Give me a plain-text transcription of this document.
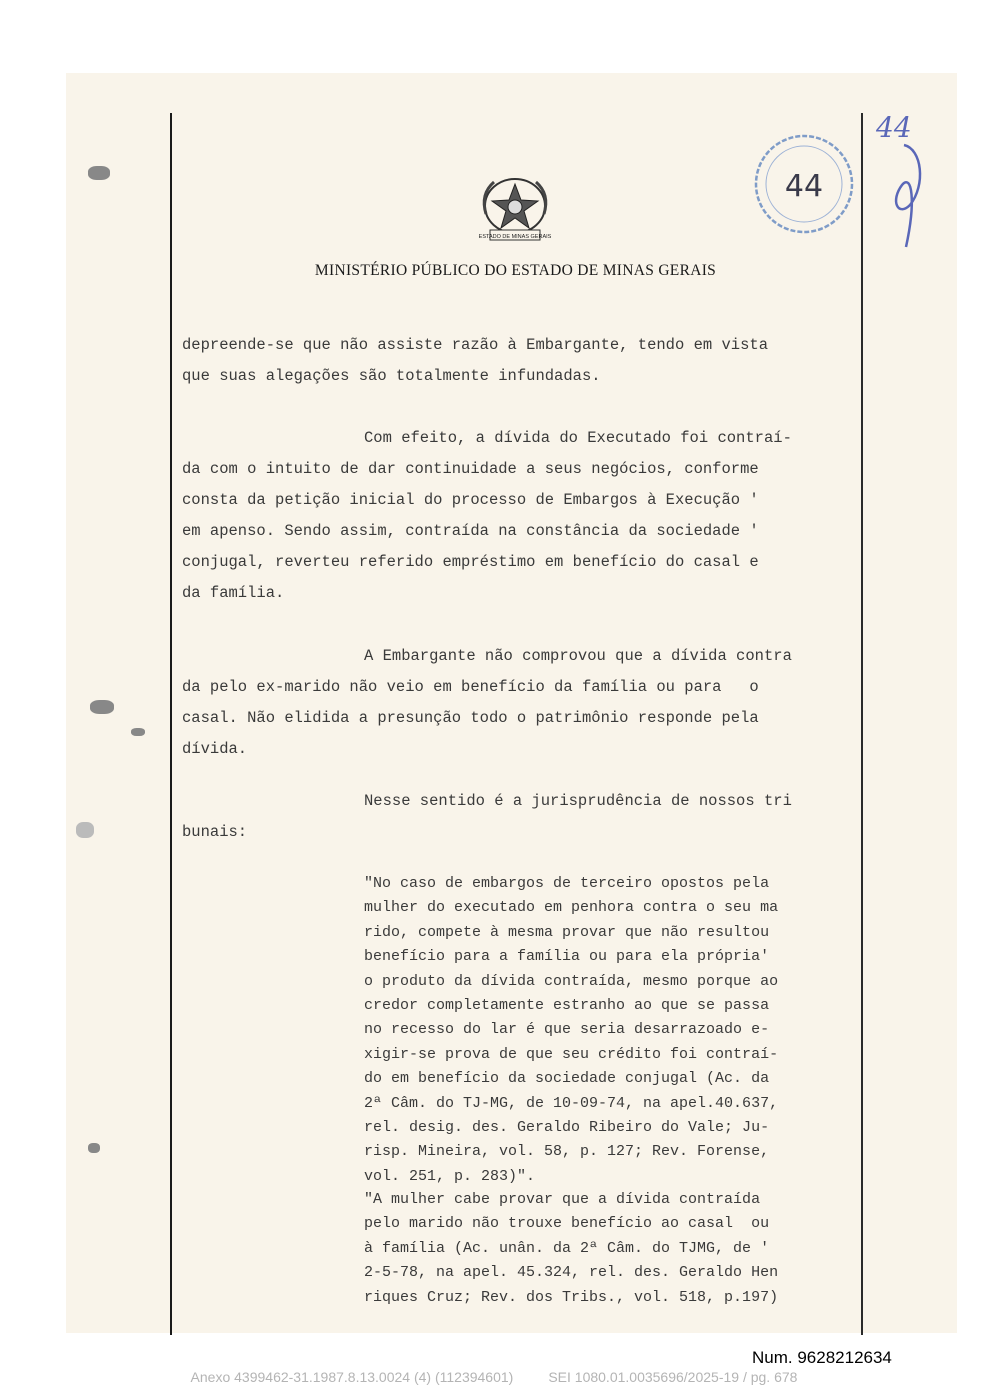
ESTADO DE MINAS GERAIS
MINISTÉRIO PÚBLICO DO ESTADO DE MINAS GERAIS
44
44
depreende-se que não assiste razão à Embargante, tendo em vista
que suas alegações são totalmente infundadas.
Com efeito, a dívida do Executado foi contraí-
da com o intuito de dar continuidade a seus negócios, conforme
consta da petição inicial do processo de Embargos à Execução '
em apenso. Sendo assim, contraída na constância da sociedade '
conjugal, reverteu referido empréstimo em benefício do casal e
da família.
A Embargante não comprovou que a dívida contra
da pelo ex-marido não veio em benefício da família ou para   o
casal. Não elidida a presunção todo o patrimônio responde pela
dívida.
Nesse sentido é a jurisprudência de nossos tri
bunais:
"No caso de embargos de terceiro opostos pela
mulher do executado em penhora contra o seu ma
rido, compete à mesma provar que não resultou
benefício para a família ou para ela própria'
o produto da dívida contraída, mesmo porque ao
credor completamente estranho ao que se passa
no recesso do lar é que seria desarrazoado e-
xigir-se prova de que seu crédito foi contraí-
do em benefício da sociedade conjugal (Ac. da
2ª Câm. do TJ-MG, de 10-09-74, na apel.40.637,
rel. desig. des. Geraldo Ribeiro do Vale; Ju-
risp. Mineira, vol. 58, p. 127; Rev. Forense,
vol. 251, p. 283)".
"A mulher cabe provar que a dívida contraída
pelo marido não trouxe benefício ao casal  ou
à família (Ac. unân. da 2ª Câm. do TJMG, de '
2-5-78, na apel. 45.324, rel. des. Geraldo Hen
riques Cruz; Rev. dos Tribs., vol. 518, p.197)
Num. 9628212634
Anexo 4399462-31.1987.8.13.0024 (4) (112394601)         SEI 1080.01.0035696/2025-19 / pg. 678
